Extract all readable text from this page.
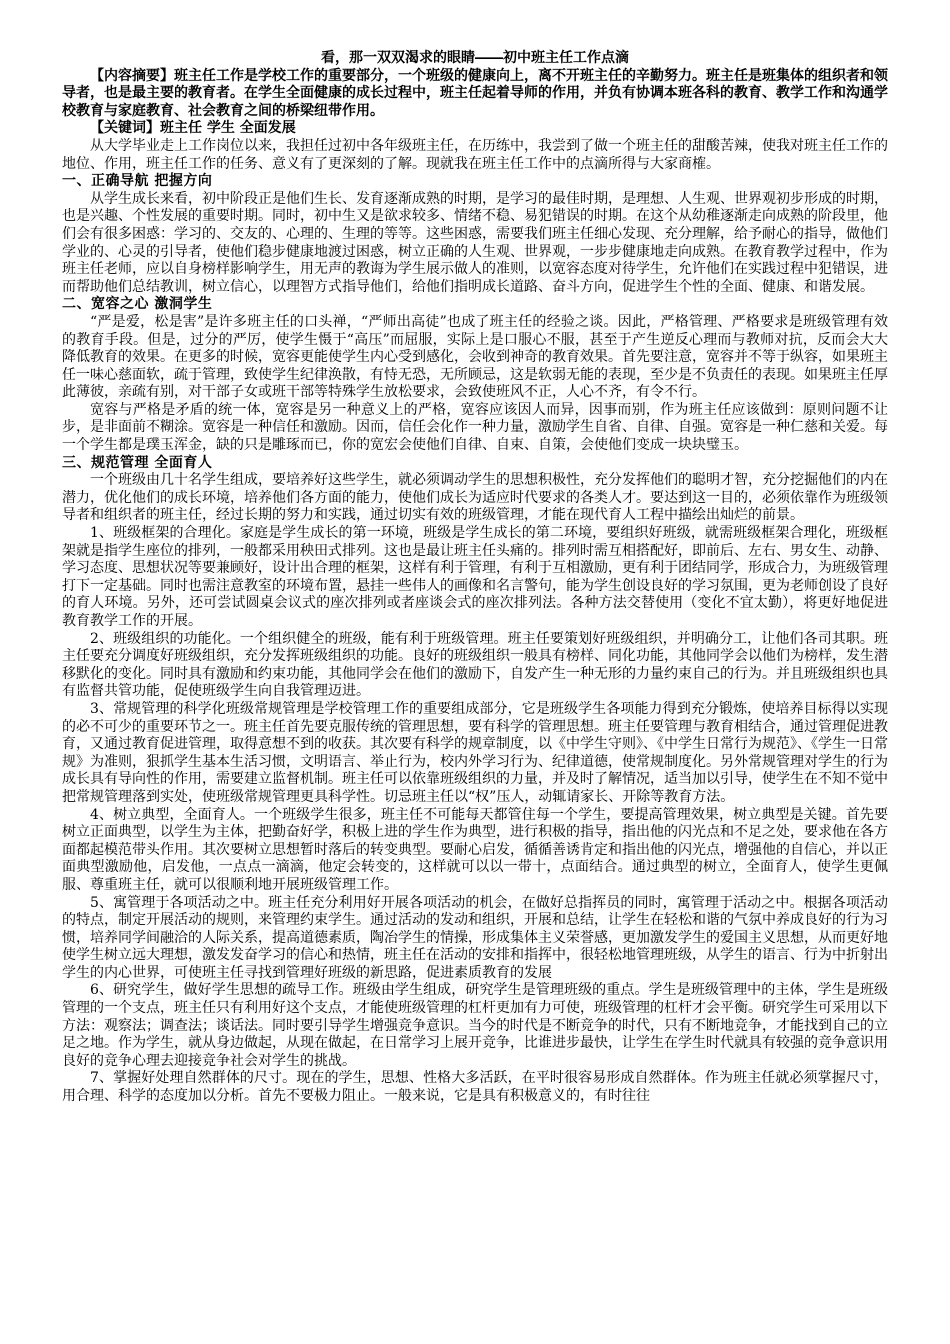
看，那一双双渴求的眼睛――初中班主任工作点滴

【内容摘要】班主任工作是学校工作的重要部分，一个班级的健康向上，离不开班主任的辛勤努力。班主任是班集体的组织者和领导者，也是最主要的教育者。在学生全面健康的成长过程中，班主任起着导师的作用，并负有协调本班各科的教育、教学工作和沟通学校教育与家庭教育、社会教育之间的桥梁纽带作用。

【关键词】班主任 学生 全面发展

从大学毕业走上工作岗位以来，我担任过初中各年级班主任，在历练中，我尝到了做一个班主任的甜酸苦辣，使我对班主任工作的地位、作用，班主任工作的任务、意义有了更深刻的了解。现就我在班主任工作中的点滴所得与大家商榷。

一、正确导航 把握方向

从学生成长来看，初中阶段正是他们生长、发育逐渐成熟的时期，是学习的最佳时期，是理想、人生观、世界观初步形成的时期，也是兴趣、个性发展的重要时期。同时，初中生又是欲求较多、情绪不稳、易犯错误的时期。在这个从幼稚逐渐走向成熟的阶段里，他们会有很多困惑：学习的、交友的、心理的、生理的等等。这些困惑，需要我们班主任细心发现、充分理解，给予耐心的指导，做他们学业的、心灵的引导者，使他们稳步健康地渡过困惑，树立正确的人生观、世界观，一步步健康地走向成熟。在教育教学过程中，作为班主任老师，应以自身榜样影响学生，用无声的教诲为学生展示做人的准则，以宽容态度对待学生，允许他们在实践过程中犯错误，进而帮助他们总结教训，树立信心，以理智方式指导他们，给他们指明成长道路、奋斗方向，促进学生个性的全面、健康、和谐发展。

二、宽容之心 激洞学生

“严是爱，松是害”是许多班主任的口头禅，“严师出高徒”也成了班主任的经验之谈。因此，严格管理、严格要求是班级管理有效的教育手段。但是，过分的严厉，使学生慑于“高压”而屈服，实际上是口服心不服，甚至于产生逆反心理而与教师对抗，反而会大大降低教育的效果。在更多的时候，宽容更能使学生内心受到感化，会收到神奇的教育效果。首先要注意，宽容并不等于纵容，如果班主任一味心慈面软，疏于管理，致使学生纪律涣散，有恃无恐，无所顾忌，这是软弱无能的表现，至少是不负责任的表现。如果班主任厚此薄彼，亲疏有别，对干部子女或班干部等特殊学生放松要求，会致使班风不正，人心不齐，有令不行。

宽容与严格是矛盾的统一体，宽容是另一种意义上的严格，宽容应该因人而异，因事而别，作为班主任应该做到：原则问题不让步，是非面前不糊涂。宽容是一种信任和激励。因而，信任会化作一种力量，激励学生自省、自律、自强。宽容是一种仁慈和关爱。每一个学生都是璞玉浑金，缺的只是雕琢而已，你的宽宏会使他们自律、自束、自策，会使他们变成一块块璧玉。

三、规范管理 全面育人

一个班级由几十名学生组成，要培养好这些学生，就必须调动学生的思想积极性，充分发挥他们的聪明才智，充分挖掘他们的内在潜力，优化他们的成长环境，培养他们各方面的能力，使他们成长为适应时代要求的各类人才。要达到这一目的，必须依靠作为班级领导者和组织者的班主任，经过长期的努力和实践，通过切实有效的班级管理，才能在现代育人工程中描绘出灿烂的前景。

1、班级框架的合理化。家庭是学生成长的第一环境，班级是学生成长的第二环境，要组织好班级，就需班级框架合理化，班级框架就是指学生座位的排列，一般都采用秧田式排列。这也是最让班主任头痛的。排列时需互相搭配好，即前后、左右、男女生、动静、学习态度、思想状况等要兼顾好，设计出合理的框架，这样有利于管理，有利于互相激励，更有利于团结同学，形成合力，为班级管理打下一定基础。同时也需注意教室的环境布置，悬挂一些伟人的画像和名言警句，能为学生创设良好的学习氛围，更为老师创设了良好的育人环境。另外，还可尝试圆桌会议式的座次排列或者座谈会式的座次排列法。各种方法交替使用（变化不宜太勤），将更好地促进教育教学工作的开展。

2、班级组织的功能化。一个组织健全的班级，能有利于班级管理。班主任要策划好班级组织，并明确分工，让他们各司其职。班主任要充分调度好班级组织，充分发挥班级组织的功能。良好的班级组织一般具有榜样、同化功能，其他同学会以他们为榜样，发生潜移默化的变化。同时具有激励和约束功能，其他同学会在他们的激励下，自发产生一种无形的力量约束自己的行为。并且班级组织也具有监督共管功能，促使班级学生向自我管理迈进。

3、常规管理的科学化班级常规管理是学校管理工作的重要组成部分，它是班级学生各项能力得到充分锻炼，使培养目标得以实现的必不可少的重要环节之一。班主任首先要克服传统的管理思想，要有科学的管理思想。班主任要管理与教育相结合，通过管理促进教育，又通过教育促进管理，取得意想不到的收获。其次要有科学的规章制度，以《中学生守则》、《中学生日常行为规范》、《学生一日常规》为准则，狠抓学生基本生活习惯，文明语言、举止行为，校内外学习行为、纪律道德，使常规制度化。另外常规管理对学生的行为成长具有导向性的作用，需要建立监督机制。班主任可以依靠班级组织的力量，并及时了解情况，适当加以引导，使学生在不知不觉中把常规管理落到实处，使班级常规管理更具科学性。切忌班主任以“权”压人，动辄请家长、开除等教育方法。

4、树立典型，全面育人。一个班级学生很多，班主任不可能每天都管住每一个学生，要提高管理效果，树立典型是关键。首先要树立正面典型，以学生为主体，把勤奋好学，积极上进的学生作为典型，进行积极的指导，指出他的闪光点和不足之处，要求他在各方面都起模范带头作用。其次要树立思想暂时落后的转变典型。要耐心启发，循循善诱肯定和指出他的闪光点，增强他的自信心，并以正面典型激励他，启发他，一点点一滴滴，他定会转变的，这样就可以以一带十，点面结合。通过典型的树立，全面育人，使学生更佩服、尊重班主任，就可以很顺利地开展班级管理工作。

5、寓管理于各项活动之中。班主任充分利用好开展各项活动的机会，在做好总指挥员的同时，寓管理于活动之中。根据各项活动的特点，制定开展活动的规则，来管理约束学生。通过活动的发动和组织，开展和总结，让学生在轻松和谐的气氛中养成良好的行为习惯，培养同学间融洽的人际关系，提高道德素质，陶冶学生的情操，形成集体主义荣誉感，更加激发学生的爱国主义思想，从而更好地使学生树立远大理想，激发发奋学习的信心和热情，班主任在活动的安排和指挥中，很轻松地管理班级，从学生的语言、行为中折射出学生的内心世界，可使班主任寻找到管理好班级的新思路，促进素质教育的发展

6、研究学生，做好学生思想的疏导工作。班级由学生组成，研究学生是管理班级的重点。学生是班级管理中的主体，学生是班级管理的一个支点，班主任只有利用好这个支点，才能使班级管理的杠杆更加有力可使，班级管理的杠杆才会平衡。研究学生可采用以下方法：观察法；调查法；谈话法。同时要引导学生增强竞争意识。当今的时代是不断竞争的时代，只有不断地竞争，才能找到自己的立足之地。作为学生，就从身边做起，从现在做起，在日常学习上展开竞争，比谁进步最快，让学生在学生时代就具有较强的竞争意识用良好的竞争心理去迎接竞争社会对学生的挑战。

7、掌握好处理自然群体的尺寸。现在的学生，思想、性格大多活跃，在平时很容易形成自然群体。作为班主任就必须掌握尺寸，用合理、科学的态度加以分析。首先不要极力阻止。一般来说，它是具有积极意义的，有时往往
